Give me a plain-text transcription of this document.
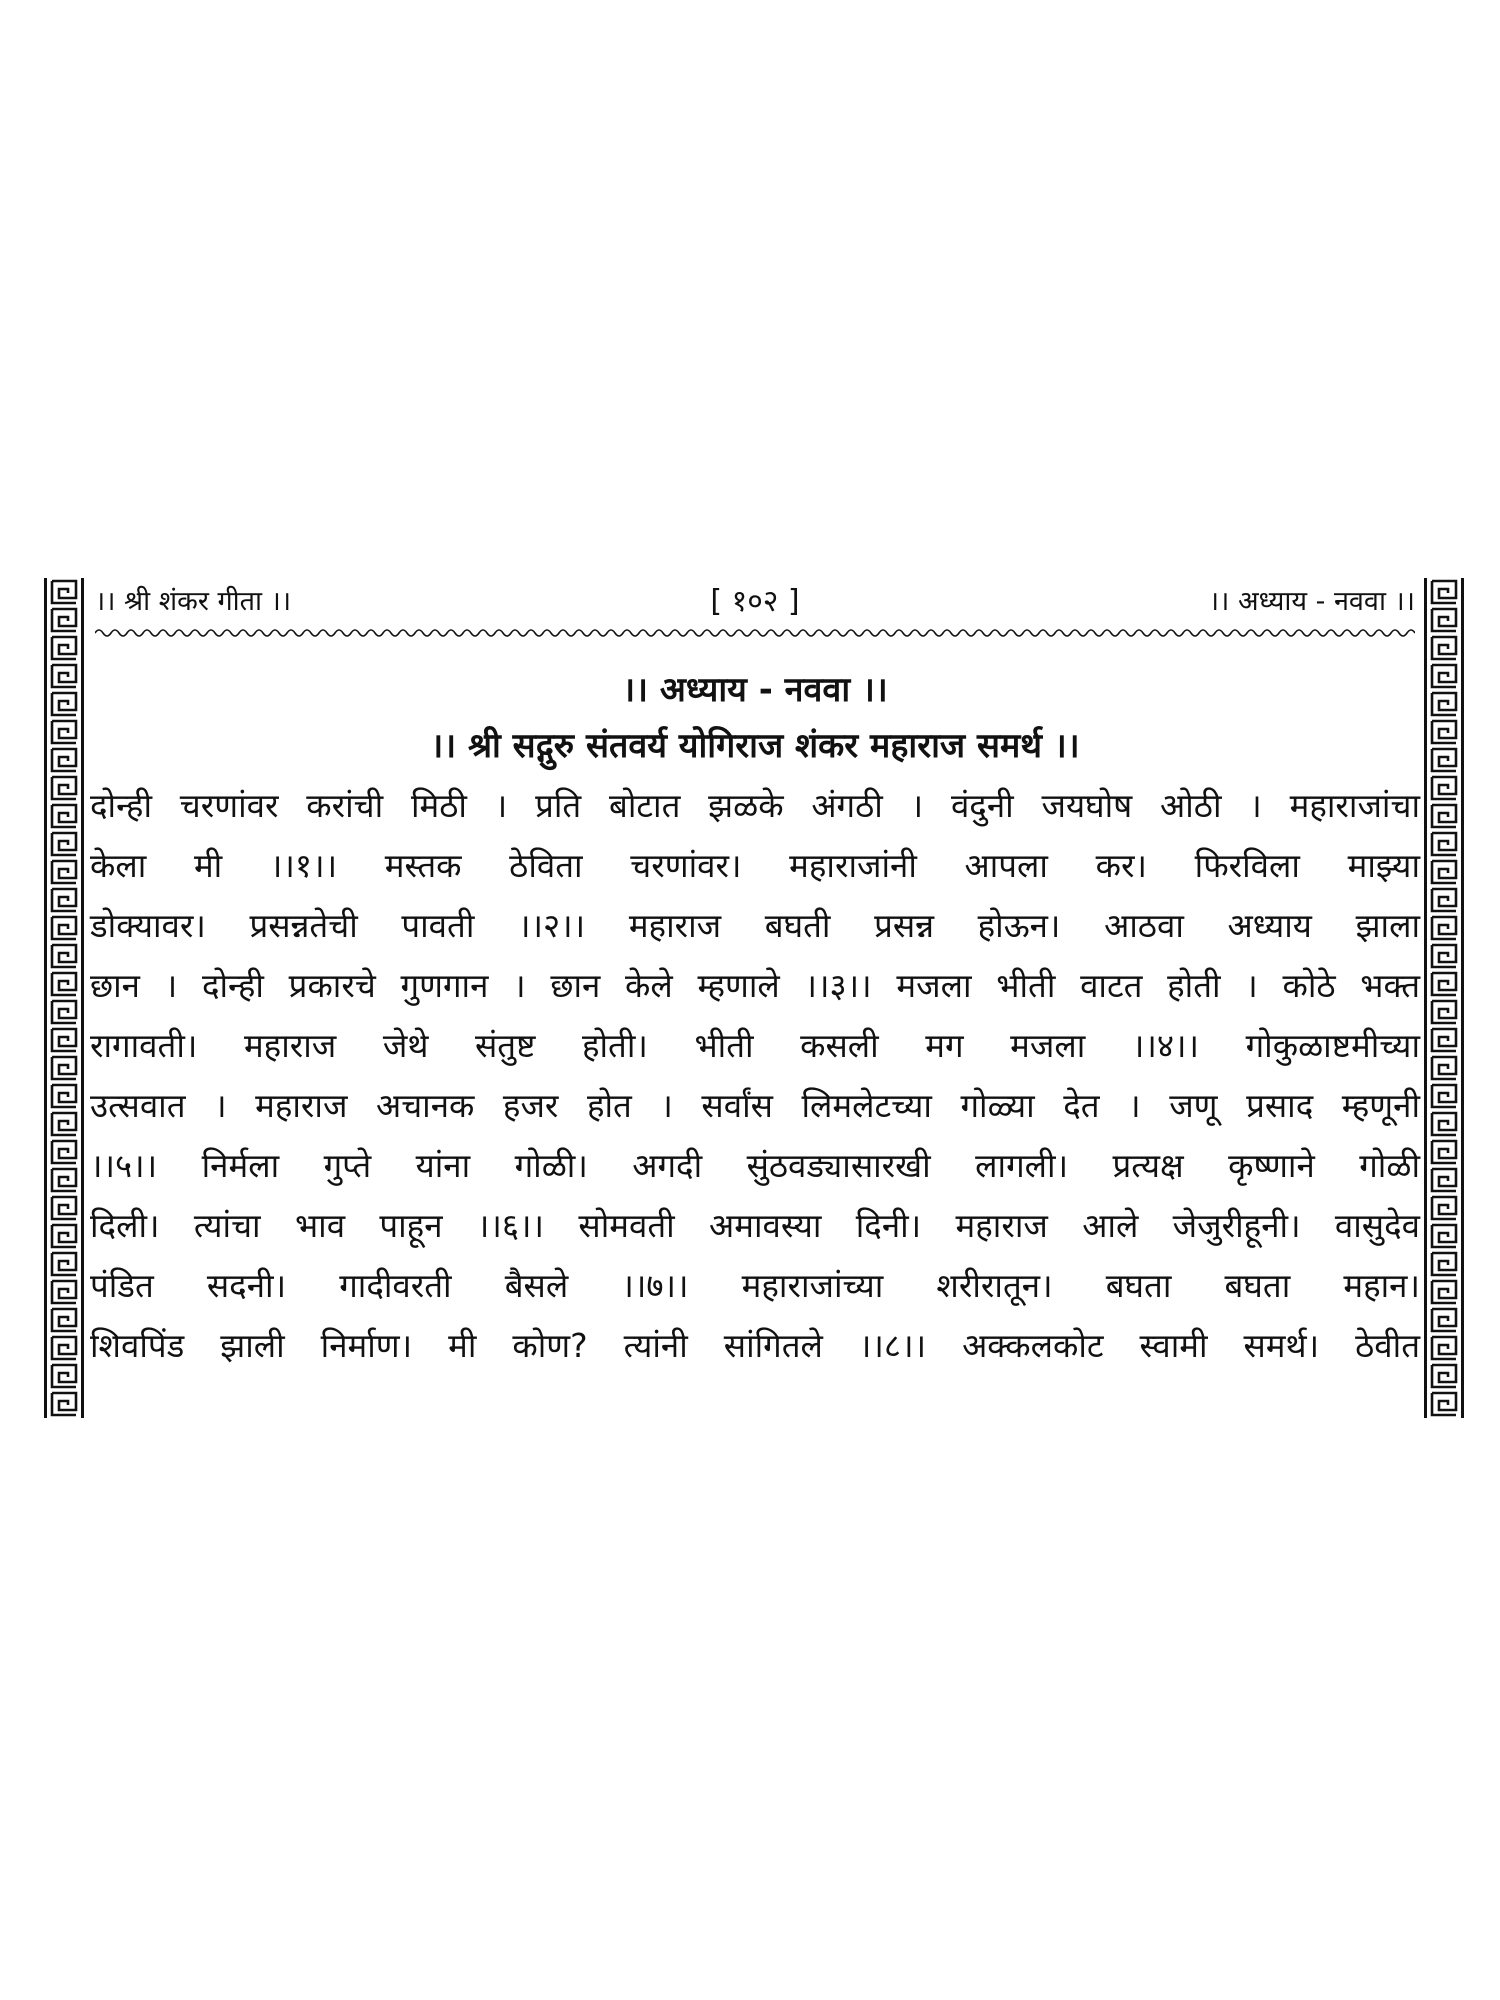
।। श्री शंकर गीता ।।	[ १०२ ]	।। अध्याय - नववा ।।
।। अध्याय - नववा ।।
।। श्री सद्गुरु संतवर्य योगिराज शंकर महाराज समर्थ ।।
दोन्ही चरणांवर करांची मिठी । प्रति बोटात झळके अंगठी । वंदुनी जयघोष ओठी । महाराजांचा
केला मी ।।१।। मस्तक ठेविता चरणांवर। महाराजांनी आपला कर। फिरविला माझ्या
डोक्यावर। प्रसन्नतेची पावती ।।२।। महाराज बघती प्रसन्न होऊन। आठवा अध्याय झाला
छान । दोन्ही प्रकारचे गुणगान । छान केले म्हणाले ।।३।। मजला भीती वाटत होती । कोठे भक्त
रागावती। महाराज जेथे संतुष्ट होती। भीती कसली मग मजला ।।४।। गोकुळाष्टमीच्या
उत्सवात । महाराज अचानक हजर होत । सर्वांस लिमलेटच्या गोळ्या देत । जणू प्रसाद म्हणूनी
।।५।। निर्मला गुप्ते यांना गोळी। अगदी सुंठवड्यासारखी लागली। प्रत्यक्ष कृष्णाने गोळी
दिली। त्यांचा भाव पाहून ।।६।। सोमवती अमावस्या दिनी। महाराज आले जेजुरीहूनी। वासुदेव
पंडित सदनी। गादीवरती बैसले ।।७।। महाराजांच्या शरीरातून। बघता बघता महान।
शिवपिंड झाली निर्माण। मी कोण? त्यांनी सांगितले ।।८।। अक्कलकोट स्वामी समर्थ। ठेवीत
